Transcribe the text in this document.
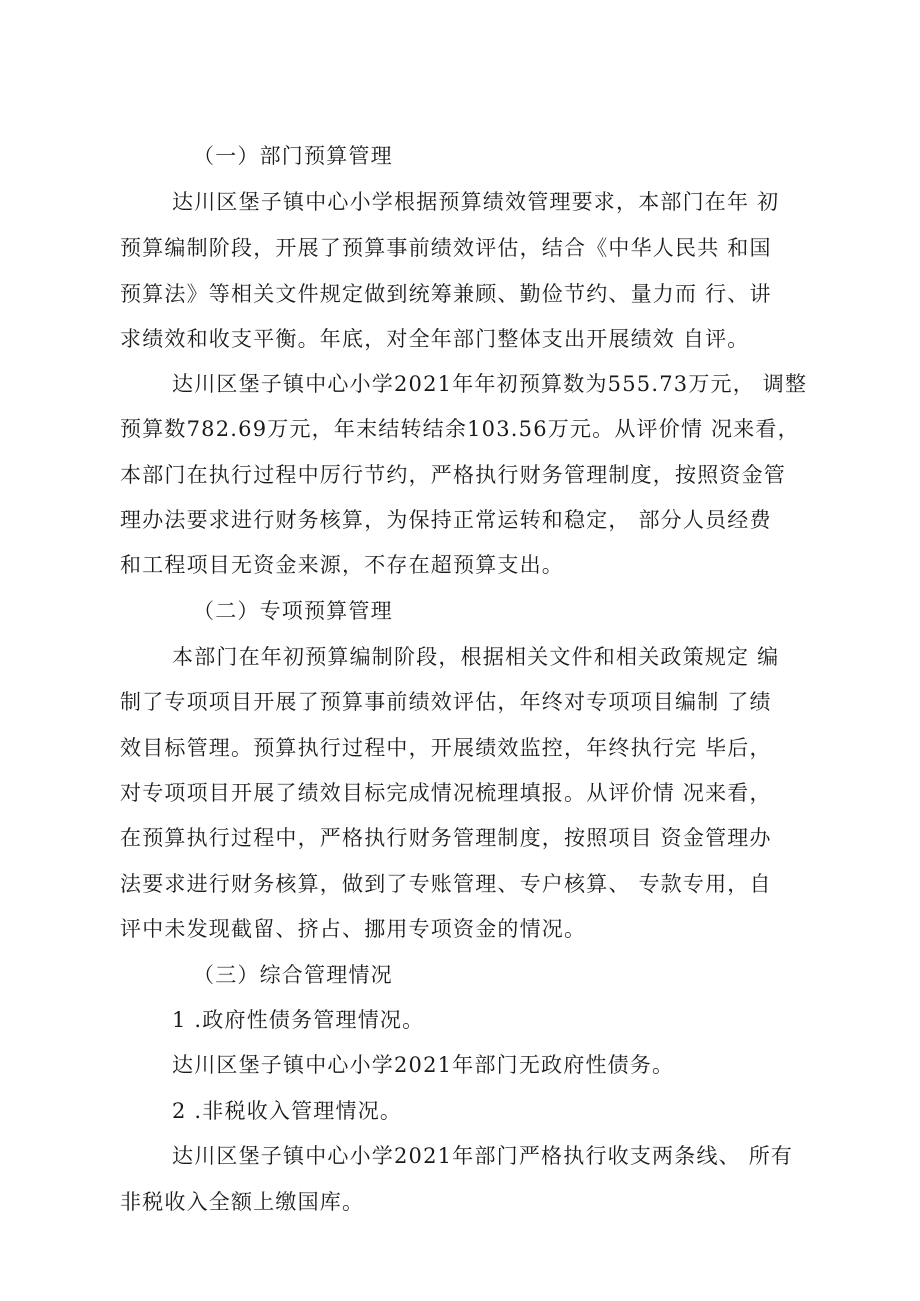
（一）部门预算管理
达川区堡子镇中心小学根据预算绩效管理要求，本部门在年 初
预算编制阶段，开展了预算事前绩效评估，结合《中华人民共 和国
预算法》等相关文件规定做到统筹兼顾、勤俭节约、量力而 行、讲
求绩效和收支平衡。年底，对全年部门整体支出开展绩效 自评。
达川区堡子镇中心小学2021年年初预算数为555.73万元， 调整
预算数782.69万元，年末结转结余103.56万元。从评价情 况来看，
本部门在执行过程中厉行节约，严格执行财务管理制度，按照资金管
理办法要求进行财务核算，为保持正常运转和稳定， 部分人员经费
和工程项目无资金来源，不存在超预算支出。
（二）专项预算管理
本部门在年初预算编制阶段，根据相关文件和相关政策规定 编
制了专项项目开展了预算事前绩效评估，年终对专项项目编制 了绩
效目标管理。预算执行过程中，开展绩效监控，年终执行完 毕后，
对专项项目开展了绩效目标完成情况梳理填报。从评价情 况来看，
在预算执行过程中，严格执行财务管理制度，按照项目 资金管理办
法要求进行财务核算，做到了专账管理、专户核算、 专款专用，自
评中未发现截留、挤占、挪用专项资金的情况。
（三）综合管理情况
1 .政府性债务管理情况。
达川区堡子镇中心小学2021年部门无政府性债务。
2 .非税收入管理情况。
达川区堡子镇中心小学2021年部门严格执行收支两条线、 所有
非税收入全额上缴国库。
